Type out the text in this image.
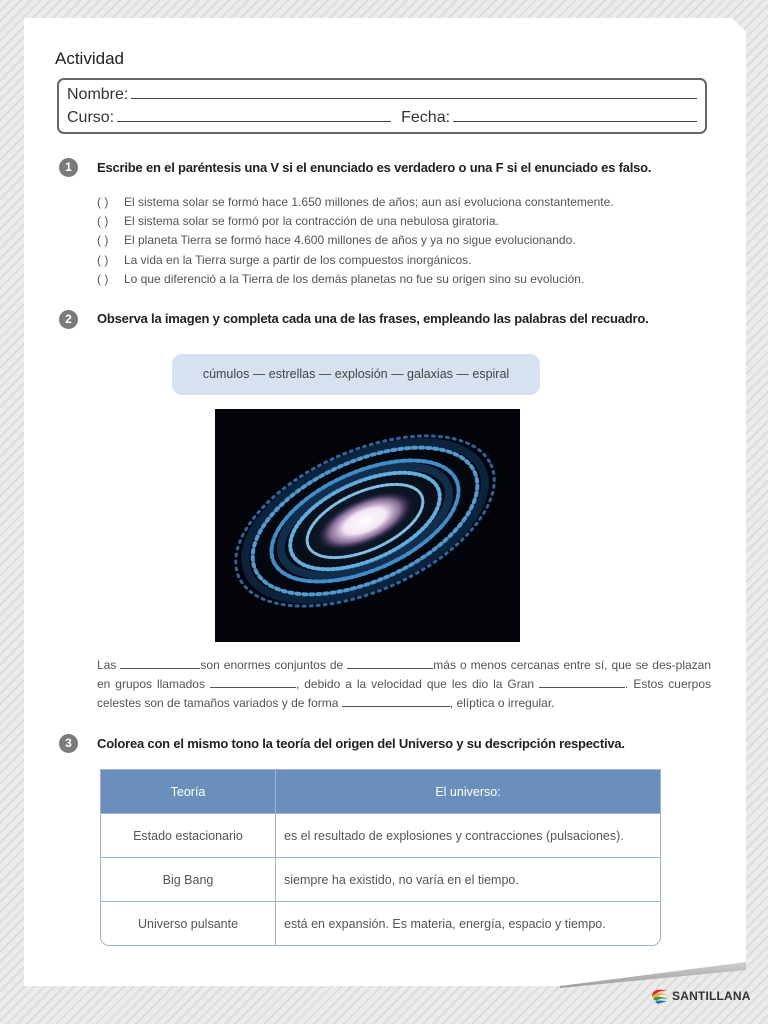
Actividad
Nombre:
Curso:	Fecha:
1	Escribe en el paréntesis una V si el enunciado es verdadero o una F si el enunciado es falso.
( ) El sistema solar se formó hace 1.650 millones de años; aun así evoluciona constantemente.
( ) El sistema solar se formó por la contracción de una nebulosa giratoria.
( ) El planeta Tierra se formó hace 4.600 millones de años y ya no sigue evolucionando.
( ) La vida en la Tierra surge a partir de los compuestos inorgánicos.
( ) Lo que diferenció a la Tierra de los demás planetas no fue su origen sino su evolución.
2	Observa la imagen y completa cada una de las frases, empleando las palabras del recuadro.
cúmulos — estrellas — explosión — galaxias — espiral
Las	son enormes conjuntos de	más o menos cercanas entre sí, que se des-plazan en grupos llamados	, debido a la velocidad que les dio la Gran	. Estos cuerpos celestes son de tamaños variados y de forma	, elíptica o irregular.
3	Colorea con el mismo tono la teoría del origen del Universo y su descripción respectiva.
Teoría	El universo:
Estado estacionario	es el resultado de explosiones y contracciones (pulsaciones).
Big Bang	siempre ha existido, no varía en el tiempo.
Universo pulsante	está en expansión. Es materia, energía, espacio y tiempo.
SANTILLANA
